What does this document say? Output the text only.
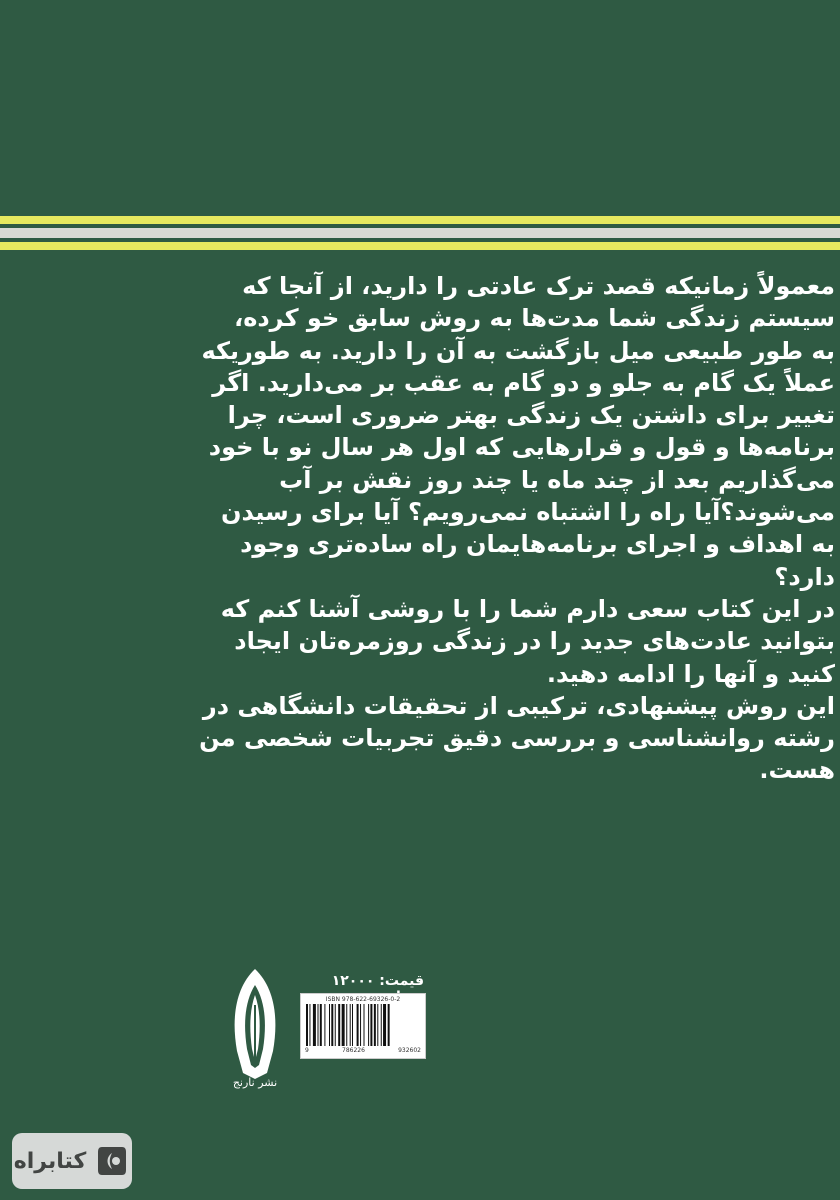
معمولاً زمانیکه قصد ترک عادتی را دارید، از آنجا که
سیستم زندگی شما مدت‌ها به روش سابق خو کرده،
به طور طبیعی میل بازگشت به آن را دارید. به طوریکه
عملاً یک گام به جلو و دو گام به عقب بر می‌دارید. اگر
تغییر برای داشتن یک زندگی بهتر ضروری است، چرا
برنامه‌ها و قول و قرارهایی که اول هر سال نو با خود
می‌گذاریم بعد از چند ماه یا چند روز نقش بر آب
می‌شوند؟آیا راه را اشتباه نمی‌رویم؟ آیا برای رسیدن
به اهداف و اجرای برنامه‌هایمان راه ساده‌تری وجود
دارد؟

در این کتاب سعی دارم شما را با روشی آشنا کنم که
بتوانید عادت‌های جدید را در زندگی روزمره‌تان ایجاد
کنید و آنها را ادامه دهید.

این روش پیشنهادی، ترکیبی از تحقیقات دانشگاهی در
رشته روانشناسی و بررسی دقیق تجربیات شخصی من
هست.

نشر نارنج
قیمت: ۱۲۰۰۰
ISBN 978-622-69326-0-2
9	786226	932602
کتابراه
